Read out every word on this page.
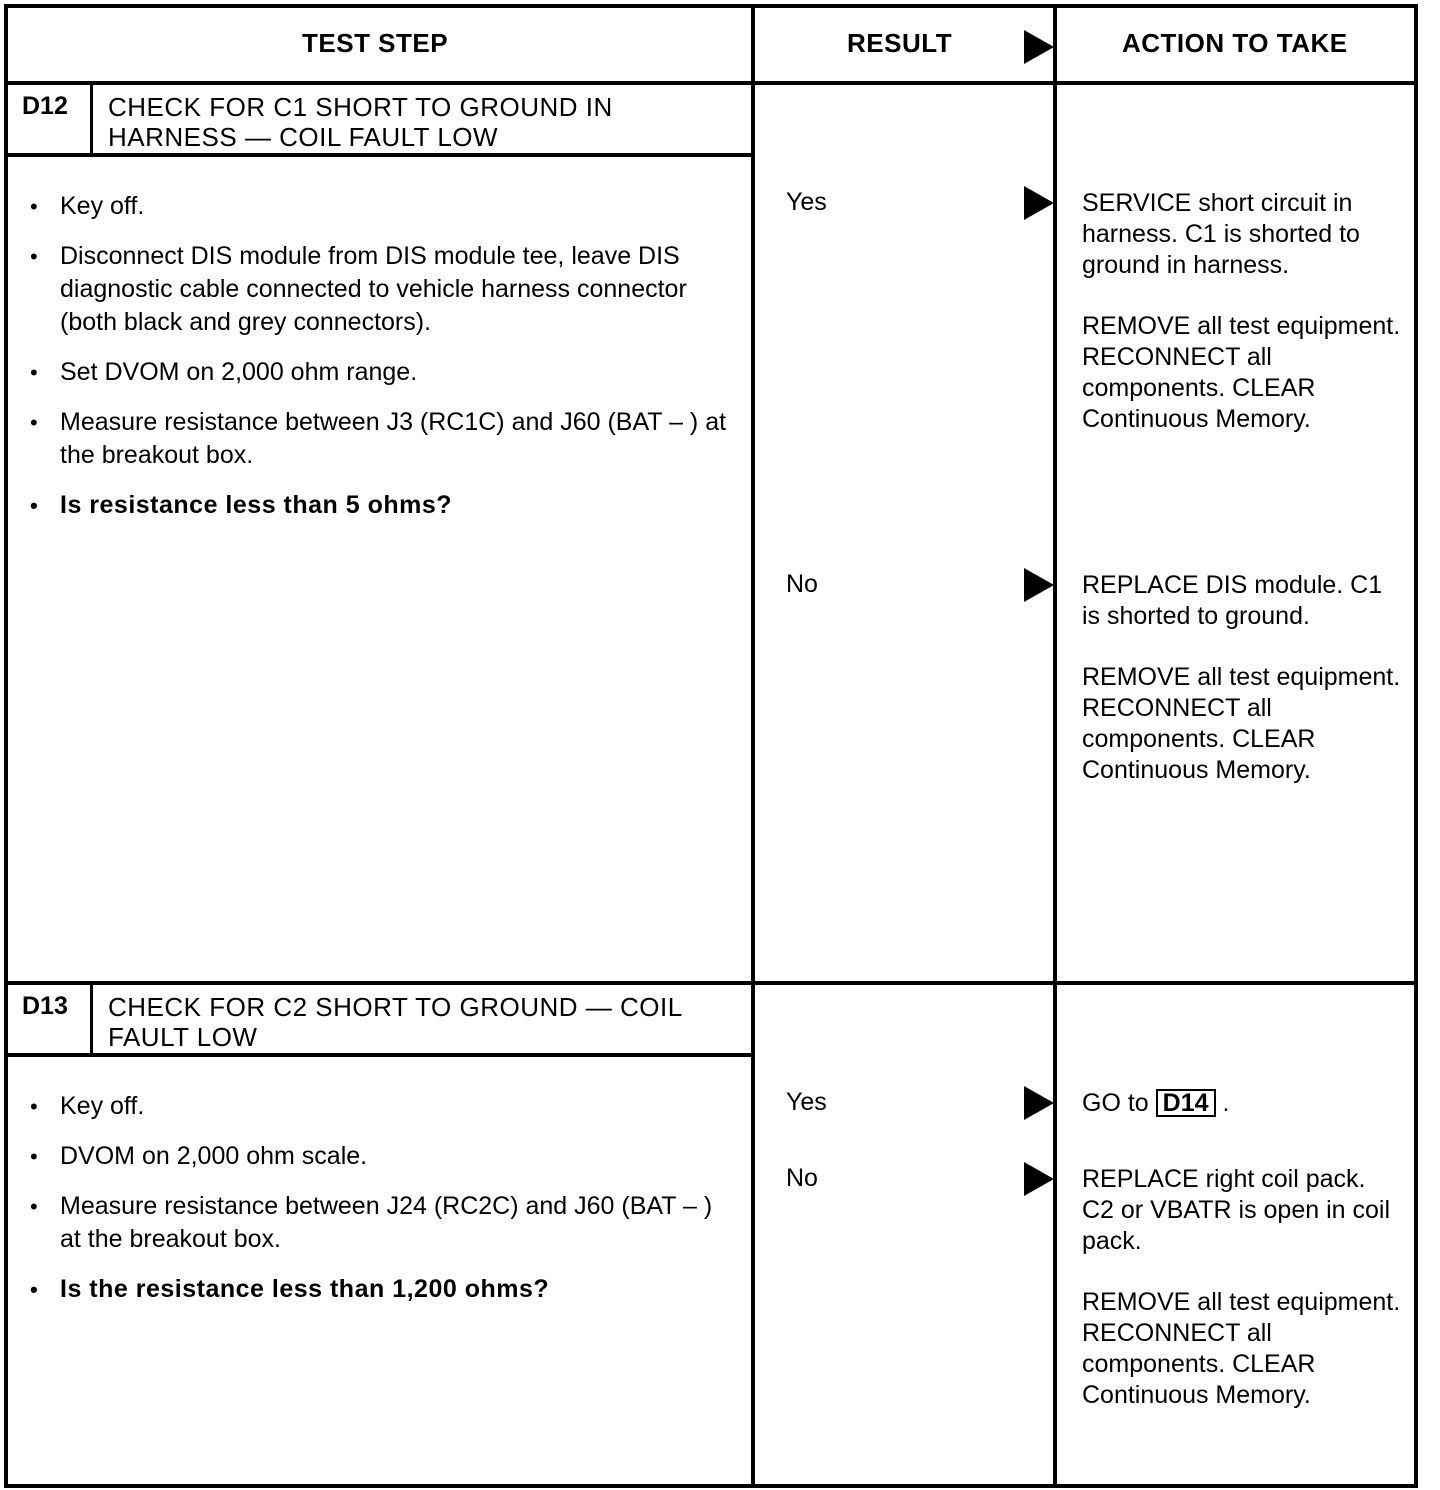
TEST STEP	RESULT	ACTION TO TAKE
D12 CHECK FOR C1 SHORT TO GROUND IN
HARNESS — COIL FAULT LOW
• Key off.
• Disconnect DIS module from DIS module tee, leave DIS diagnostic cable connected to vehicle harness connector (both black and grey connectors).
• Set DVOM on 2,000 ohm range.
• Measure resistance between J3 (RC1C) and J60 (BAT – ) at the breakout box.
• Is resistance less than 5 ohms?
Yes	SERVICE short circuit in harness. C1 is shorted to ground in harness.

REMOVE all test equipment. RECONNECT all components. CLEAR Continuous Memory.

No	REPLACE DIS module. C1 is shorted to ground.

REMOVE all test equipment. RECONNECT all components. CLEAR Continuous Memory.

D13 CHECK FOR C2 SHORT TO GROUND — COIL
FAULT LOW
• Key off.
• DVOM on 2,000 ohm scale.
• Measure resistance between J24 (RC2C) and J60 (BAT – ) at the breakout box.
• Is the resistance less than 1,200 ohms?
Yes	GO to D14 .
No	REPLACE right coil pack. C2 or VBATR is open in coil pack.

REMOVE all test equipment. RECONNECT all components. CLEAR Continuous Memory.
